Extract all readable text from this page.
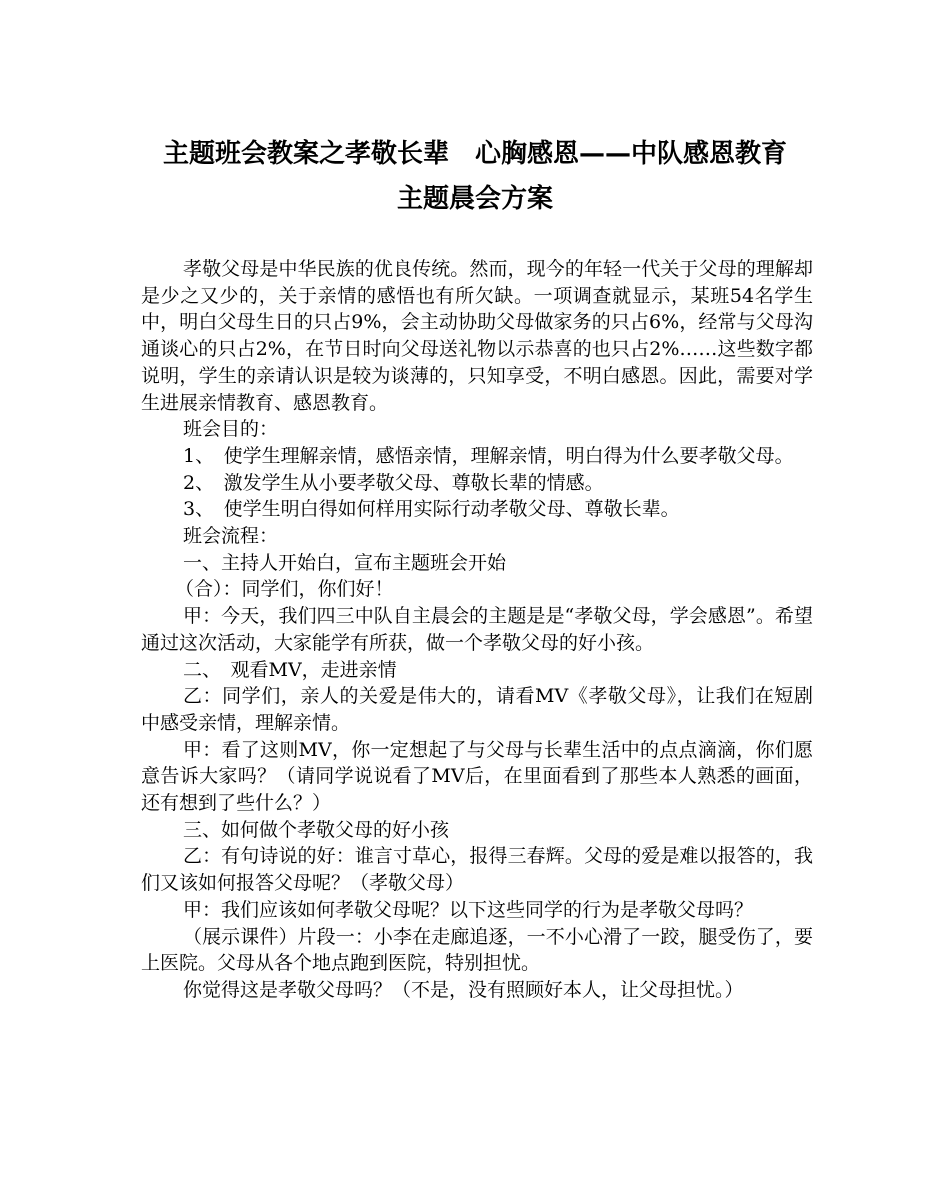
主题班会教案之孝敬长辈　心胸感恩——中队感恩教育
主题晨会方案

孝敬父母是中华民族的优良传统。然而，现今的年轻一代关于父母的理解却是少之又少的，关于亲情的感悟也有所欠缺。一项调查就显示，某班54名学生中，明白父母生日的只占9%，会主动协助父母做家务的只占6%，经常与父母沟通谈心的只占2%，在节日时向父母送礼物以示恭喜的也只占2%……这些数字都说明，学生的亲请认识是较为谈薄的，只知享受，不明白感恩。因此，需要对学生进展亲情教育、感恩教育。

班会目的：

1、　使学生理解亲情，感悟亲情，理解亲情，明白得为什么要孝敬父母。

2、　激发学生从小要孝敬父母、尊敬长辈的情感。

3、　使学生明白得如何样用实际行动孝敬父母、尊敬长辈。

班会流程：

一、主持人开始白，宣布主题班会开始

（合）：同学们，你们好！

甲：今天，我们四三中队自主晨会的主题是是“孝敬父母，学会感恩”。希望通过这次活动，大家能学有所获，做一个孝敬父母的好小孩。

二、　观看MV，走进亲情

乙：同学们，亲人的关爱是伟大的，请看MV《孝敬父母》，让我们在短剧中感受亲情，理解亲情。

甲：看了这则MV，你一定想起了与父母与长辈生活中的点点滴滴，你们愿意告诉大家吗？（请同学说说看了MV后，在里面看到了那些本人熟悉的画面，还有想到了些什么？）

三、如何做个孝敬父母的好小孩

乙：有句诗说的好：谁言寸草心，报得三春辉。父母的爱是难以报答的，我们又该如何报答父母呢？（孝敬父母）

甲：我们应该如何孝敬父母呢？以下这些同学的行为是孝敬父母吗？

（展示课件）片段一：小李在走廊追逐，一不小心滑了一跤，腿受伤了，要上医院。父母从各个地点跑到医院，特别担忧。

你觉得这是孝敬父母吗？（不是，没有照顾好本人，让父母担忧。）
